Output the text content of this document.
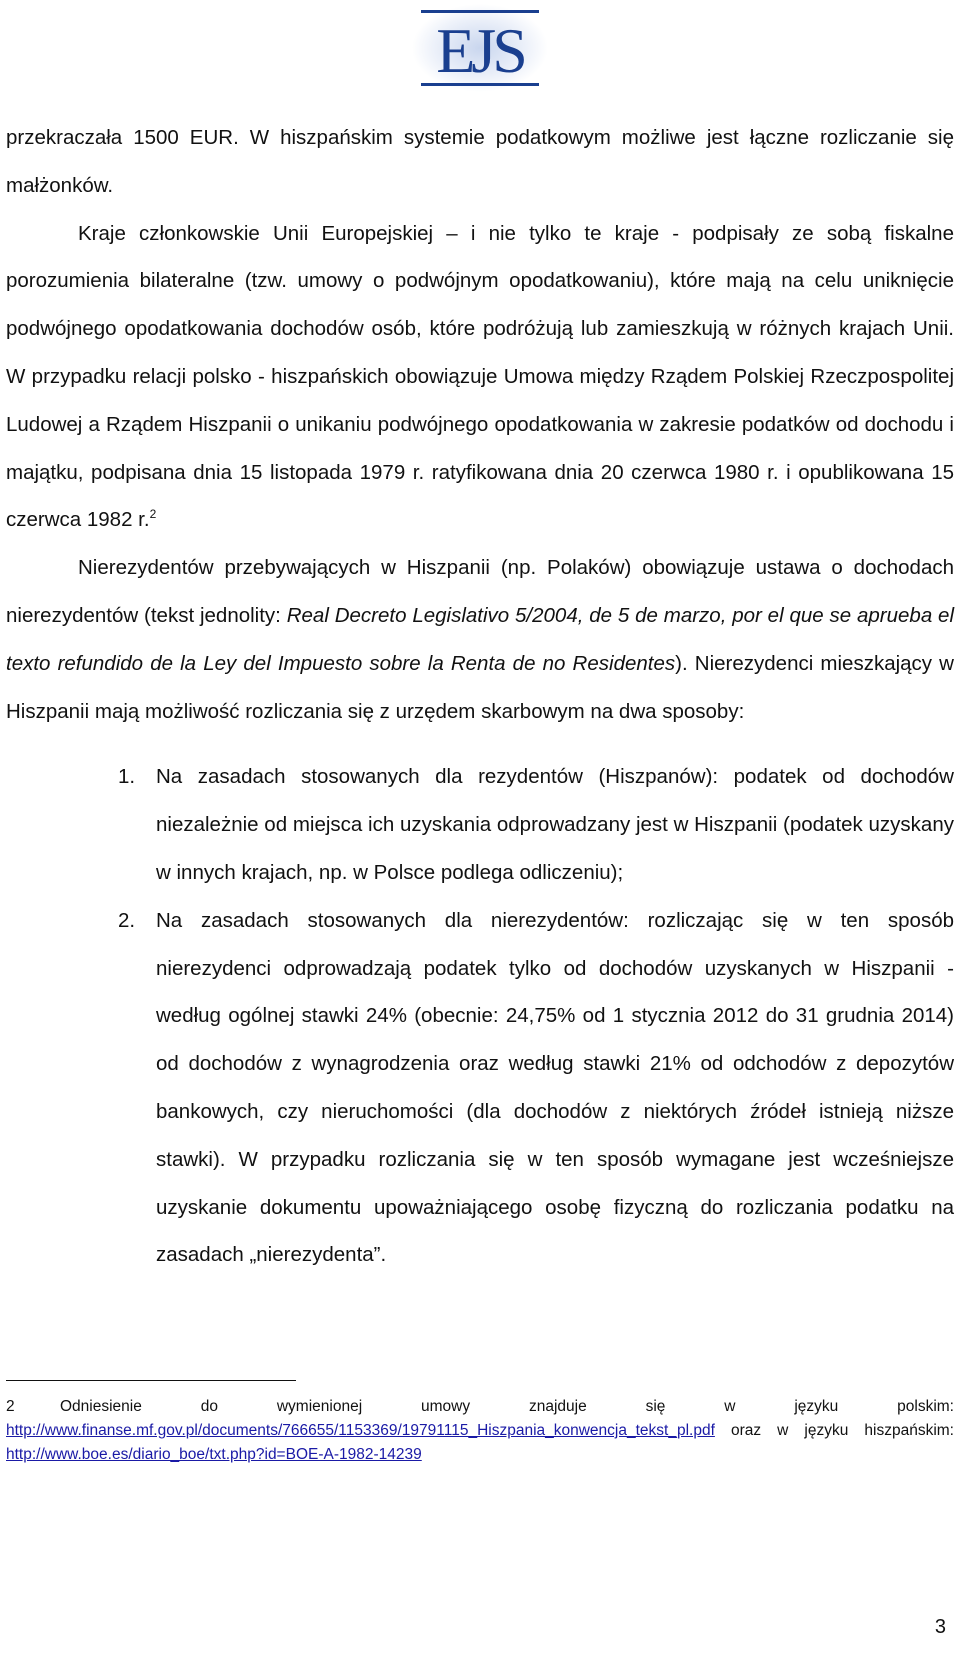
EJS

przekraczała 1500 EUR. W hiszpańskim systemie podatkowym możliwe jest łączne rozliczanie się małżonków.

Kraje członkowskie Unii Europejskiej – i nie tylko te kraje - podpisały ze sobą fiskalne porozumienia bilateralne (tzw. umowy o podwójnym opodatkowaniu), które mają na celu uniknięcie podwójnego opodatkowania dochodów osób, które podróżują lub zamieszkują w różnych krajach Unii. W przypadku relacji polsko - hiszpańskich obowiązuje Umowa między Rządem Polskiej Rzeczpospolitej Ludowej a Rządem Hiszpanii o unikaniu podwójnego opodatkowania w zakresie podatków od dochodu i majątku, podpisana dnia 15 listopada 1979 r. ratyfikowana dnia 20 czerwca 1980 r. i opublikowana 15 czerwca 1982 r.$^2$

Nierezydentów przebywających w Hiszpanii (np. Polaków) obowiązuje ustawa o dochodach nierezydentów (tekst jednolity: Real Decreto Legislativo 5/2004, de 5 de marzo, por el que se aprueba el texto refundido de la Ley del Impuesto sobre la Renta de no Residentes). Nierezydenci mieszkający w Hiszpanii mają możliwość rozliczania się z urzędem skarbowym na dwa sposoby:

1. Na zasadach stosowanych dla rezydentów (Hiszpanów): podatek od dochodów niezależnie od miejsca ich uzyskania odprowadzany jest w Hiszpanii (podatek uzyskany w innych krajach, np. w Polsce podlega odliczeniu);
2. Na zasadach stosowanych dla nierezydentów: rozliczając się w ten sposób nierezydenci odprowadzają podatek tylko od dochodów uzyskanych w Hiszpanii - według ogólnej stawki 24% (obecnie: 24,75% od 1 stycznia 2012 do 31 grudnia 2014) od dochodów z wynagrodzenia oraz według stawki 21% od odchodów z depozytów bankowych, czy nieruchomości (dla dochodów z niektórych źródeł istnieją niższe stawki). W przypadku rozliczania się w ten sposób wymagane jest wcześniejsze uzyskanie dokumentu upoważniającego osobę fizyczną do rozliczania podatku na zasadach „nierezydenta”.
2	Odniesienie do wymienionej umowy znajduje się w języku polskim: http://www.finanse.mf.gov.pl/documents/766655/1153369/19791115_Hiszpania_konwencja_tekst_pl.pdf oraz w języku hiszpańskim: http://www.boe.es/diario_boe/txt.php?id=BOE-A-1982-14239
3
